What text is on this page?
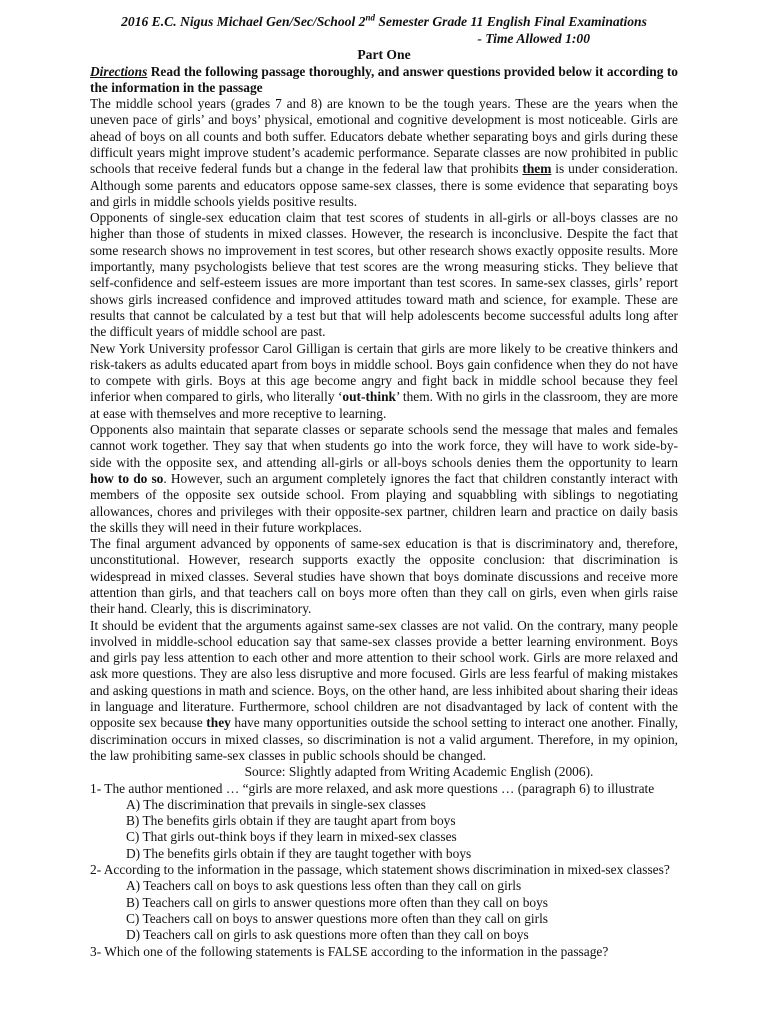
2016 E.C. Nigus Michael Gen/Sec/School 2nd Semester Grade 11 English Final Examinations
- Time Allowed 1:00
Part One
Directions Read the following passage thoroughly, and answer questions provided below it according to the information in the passage

The middle school years (grades 7 and 8) are known to be the tough years. These are the years when the uneven pace of girls’ and boys’ physical, emotional and cognitive development is most noticeable. Girls are ahead of boys on all counts and both suffer. Educators debate whether separating boys and girls during these difficult years might improve student’s academic performance. Separate classes are now prohibited in public schools that receive federal funds but a change in the federal law that prohibits them is under consideration. Although some parents and educators oppose same-sex classes, there is some evidence that separating boys and girls in middle schools yields positive results.

Opponents of single-sex education claim that test scores of students in all-girls or all-boys classes are no higher than those of students in mixed classes. However, the research is inconclusive. Despite the fact that some research shows no improvement in test scores, but other research shows exactly opposite results. More importantly, many psychologists believe that test scores are the wrong measuring sticks. They believe that self-confidence and self-esteem issues are more important than test scores. In same-sex classes, girls’ report shows girls increased confidence and improved attitudes toward math and science, for example. These are results that cannot be calculated by a test but that will help adolescents become successful adults long after the difficult years of middle school are past.

New York University professor Carol Gilligan is certain that girls are more likely to be creative thinkers and risk-takers as adults educated apart from boys in middle school. Boys gain confidence when they do not have to compete with girls. Boys at this age become angry and fight back in middle school because they feel inferior when compared to girls, who literally ‘out-think’ them. With no girls in the classroom, they are more at ease with themselves and more receptive to learning.

Opponents also maintain that separate classes or separate schools send the message that males and females cannot work together. They say that when students go into the work force, they will have to work side-by-side with the opposite sex, and attending all-girls or all-boys schools denies them the opportunity to learn how to do so. However, such an argument completely ignores the fact that children constantly interact with members of the opposite sex outside school. From playing and squabbling with siblings to negotiating allowances, chores and privileges with their opposite-sex partner, children learn and practice on daily basis the skills they will need in their future workplaces.

The final argument advanced by opponents of same-sex education is that is discriminatory and, therefore, unconstitutional. However, research supports exactly the opposite conclusion: that discrimination is widespread in mixed classes. Several studies have shown that boys dominate discussions and receive more attention than girls, and that teachers call on boys more often than they call on girls, even when girls raise their hand. Clearly, this is discriminatory.

It should be evident that the arguments against same-sex classes are not valid. On the contrary, many people involved in middle-school education say that same-sex classes provide a better learning environment. Boys and girls pay less attention to each other and more attention to their school work. Girls are more relaxed and ask more questions. They are also less disruptive and more focused. Girls are less fearful of making mistakes and asking questions in math and science. Boys, on the other hand, are less inhibited about sharing their ideas in language and literature. Furthermore, school children are not disadvantaged by lack of content with the opposite sex because they have many opportunities outside the school setting to interact one another. Finally, discrimination occurs in mixed classes, so discrimination is not a valid argument. Therefore, in my opinion, the law prohibiting same-sex classes in public schools should be changed.

Source: Slightly adapted from Writing Academic English (2006).

1- The author mentioned … “girls are more relaxed, and ask more questions … (paragraph 6) to illustrate

A) The discrimination that prevails in single-sex classes

B) The benefits girls obtain if they are taught apart from boys

C) That girls out-think boys if they learn in mixed-sex classes

D) The benefits girls obtain if they are taught together with boys

2- According to the information in the passage, which statement shows discrimination in mixed-sex classes?

A) Teachers call on boys to ask questions less often than they call on girls

B) Teachers call on girls to answer questions more often than they call on boys

C) Teachers call on boys to answer questions more often than they call on girls

D) Teachers call on girls to ask questions more often than they call on boys

3- Which one of the following statements is FALSE according to the information in the passage?
